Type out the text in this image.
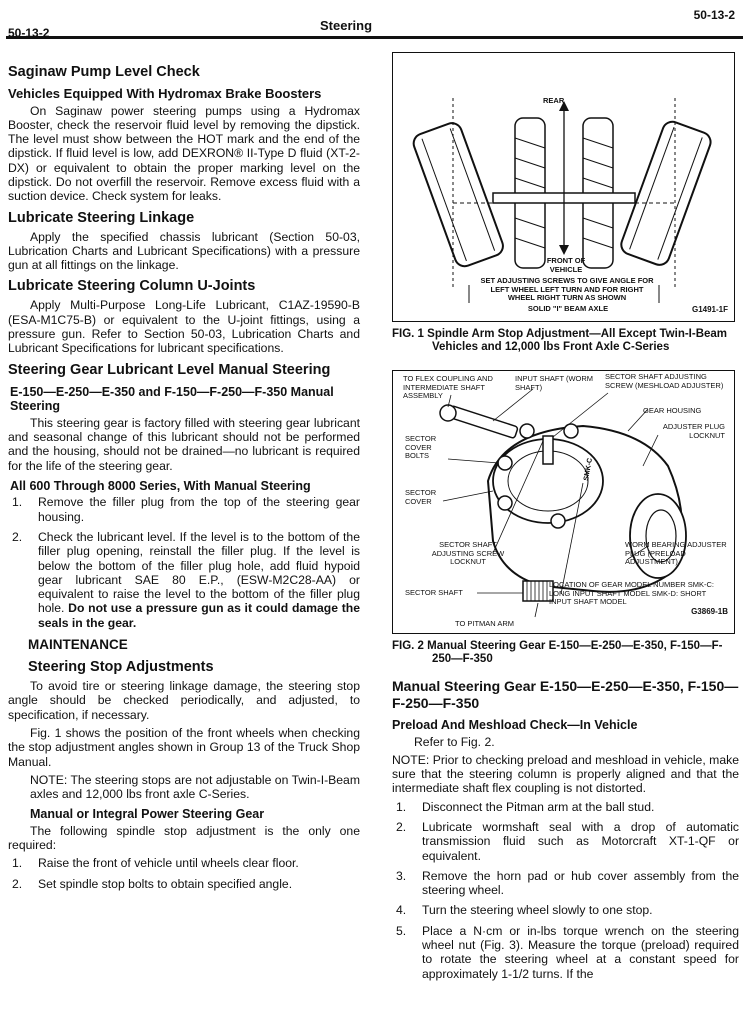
50-13-2
Steering
50-13-2
Saginaw Pump Level Check
Vehicles Equipped With Hydromax Brake Boosters

On Saginaw power steering pumps using a Hydromax Booster, check the reservoir fluid level by removing the dipstick. The level must show between the HOT mark and the end of the dipstick. If fluid level is low, add DEXRON® II-Type D fluid (XT-2-DX) or equivalent to obtain the proper marking level on the dipstick. Do not overfill the reservoir. Remove excess fluid with a suction device. Check system for leaks.

Lubricate Steering Linkage

Apply the specified chassis lubricant (Section 50-03, Lubrication Charts and Lubricant Specifications) with a pressure gun at all fittings on the linkage.

Lubricate Steering Column U-Joints

Apply Multi-Purpose Long-Life Lubricant, C1AZ-19590-B (ESA-M1C75-B) or equivalent to the U-joint fittings, using a pressure gun. Refer to Section 50-03, Lubrication Charts and Lubricant Specifications for lubricant specifications.

Steering Gear Lubricant Level Manual Steering
E-150—E-250—E-350 and F-150—F-250—F-350 Manual Steering

This steering gear is factory filled with steering gear lubricant and seasonal change of this lubricant should not be performed and the housing, should not be drained—no lubricant is required for the life of the steering gear.

All 600 Through 8000 Series, With Manual Steering
1. Remove the filler plug from the top of the steering gear housing.
2. Check the lubricant level. If the level is to the bottom of the filler plug opening, reinstall the filler plug. If the level is below the bottom of the filler plug hole, add fluid hypoid gear lubricant SAE 80 E.P., (ESW-M2C28-AA) or equivalent to raise the level to the bottom of the filler plug hole. Do not use a pressure gun as it could damage the seals in the gear.
MAINTENANCE
Steering Stop Adjustments

To avoid tire or steering linkage damage, the steering stop angle should be checked periodically, and adjusted, to specification, if necessary.

Fig. 1 shows the position of the front wheels when checking the stop adjustment angles shown in Group 13 of the Truck Shop Manual.

NOTE: The steering stops are not adjustable on Twin-I-Beam axles and 12,000 lbs front axle C-Series.

Manual or Integral Power Steering Gear

The following spindle stop adjustment is the only one required:

1. Raise the front of vehicle until wheels clear floor.
2. Set spindle stop bolts to obtain specified angle.
REAR
FRONT OF VEHICLE
SET ADJUSTING SCREWS TO GIVE ANGLE FOR LEFT WHEEL LEFT TURN AND FOR RIGHT WHEEL RIGHT TURN AS SHOWN
SOLID "I" BEAM AXLE	G1491-1F
FIG. 1 Spindle Arm Stop Adjustment—All Except Twin-I-Beam Vehicles and 12,000 lbs Front Axle C-Series
SMK-C
TO FLEX COUPLING AND INTERMEDIATE SHAFT ASSEMBLY
INPUT SHAFT (WORM SHAFT)
SECTOR SHAFT ADJUSTING SCREW (MESHLOAD ADJUSTER)
GEAR HOUSING
ADJUSTER PLUG LOCKNUT
SECTOR COVER BOLTS
SECTOR COVER
SECTOR SHAFT ADJUSTING SCREW LOCKNUT
WORM BEARING ADJUSTER PLUG (PRELOAD ADJUSTMENT)
SECTOR SHAFT
LOCATION OF GEAR MODEL NUMBER SMK-C: LONG INPUT SHAFT MODEL SMK-D: SHORT INPUT SHAFT MODEL
TO PITMAN ARM
G3869-1B
FIG. 2 Manual Steering Gear E-150—E-250—E-350, F-150—F-250—F-350
Manual Steering Gear E-150—E-250—E-350, F-150—F-250—F-350
Preload And Meshload Check—In Vehicle

Refer to Fig. 2.

NOTE: Prior to checking preload and meshload in vehicle, make sure that the steering column is properly aligned and that the intermediate shaft flex coupling is not distorted.

1. Disconnect the Pitman arm at the ball stud.
2. Lubricate wormshaft seal with a drop of automatic transmission fluid such as Motorcraft XT-1-QF or equivalent.
3. Remove the horn pad or hub cover assembly from the steering wheel.
4. Turn the steering wheel slowly to one stop.
5. Place a N·cm or in-lbs torque wrench on the steering wheel nut (Fig. 3). Measure the torque (preload) required to rotate the steering wheel at a constant speed for approximately 1-1/2 turns. If the
